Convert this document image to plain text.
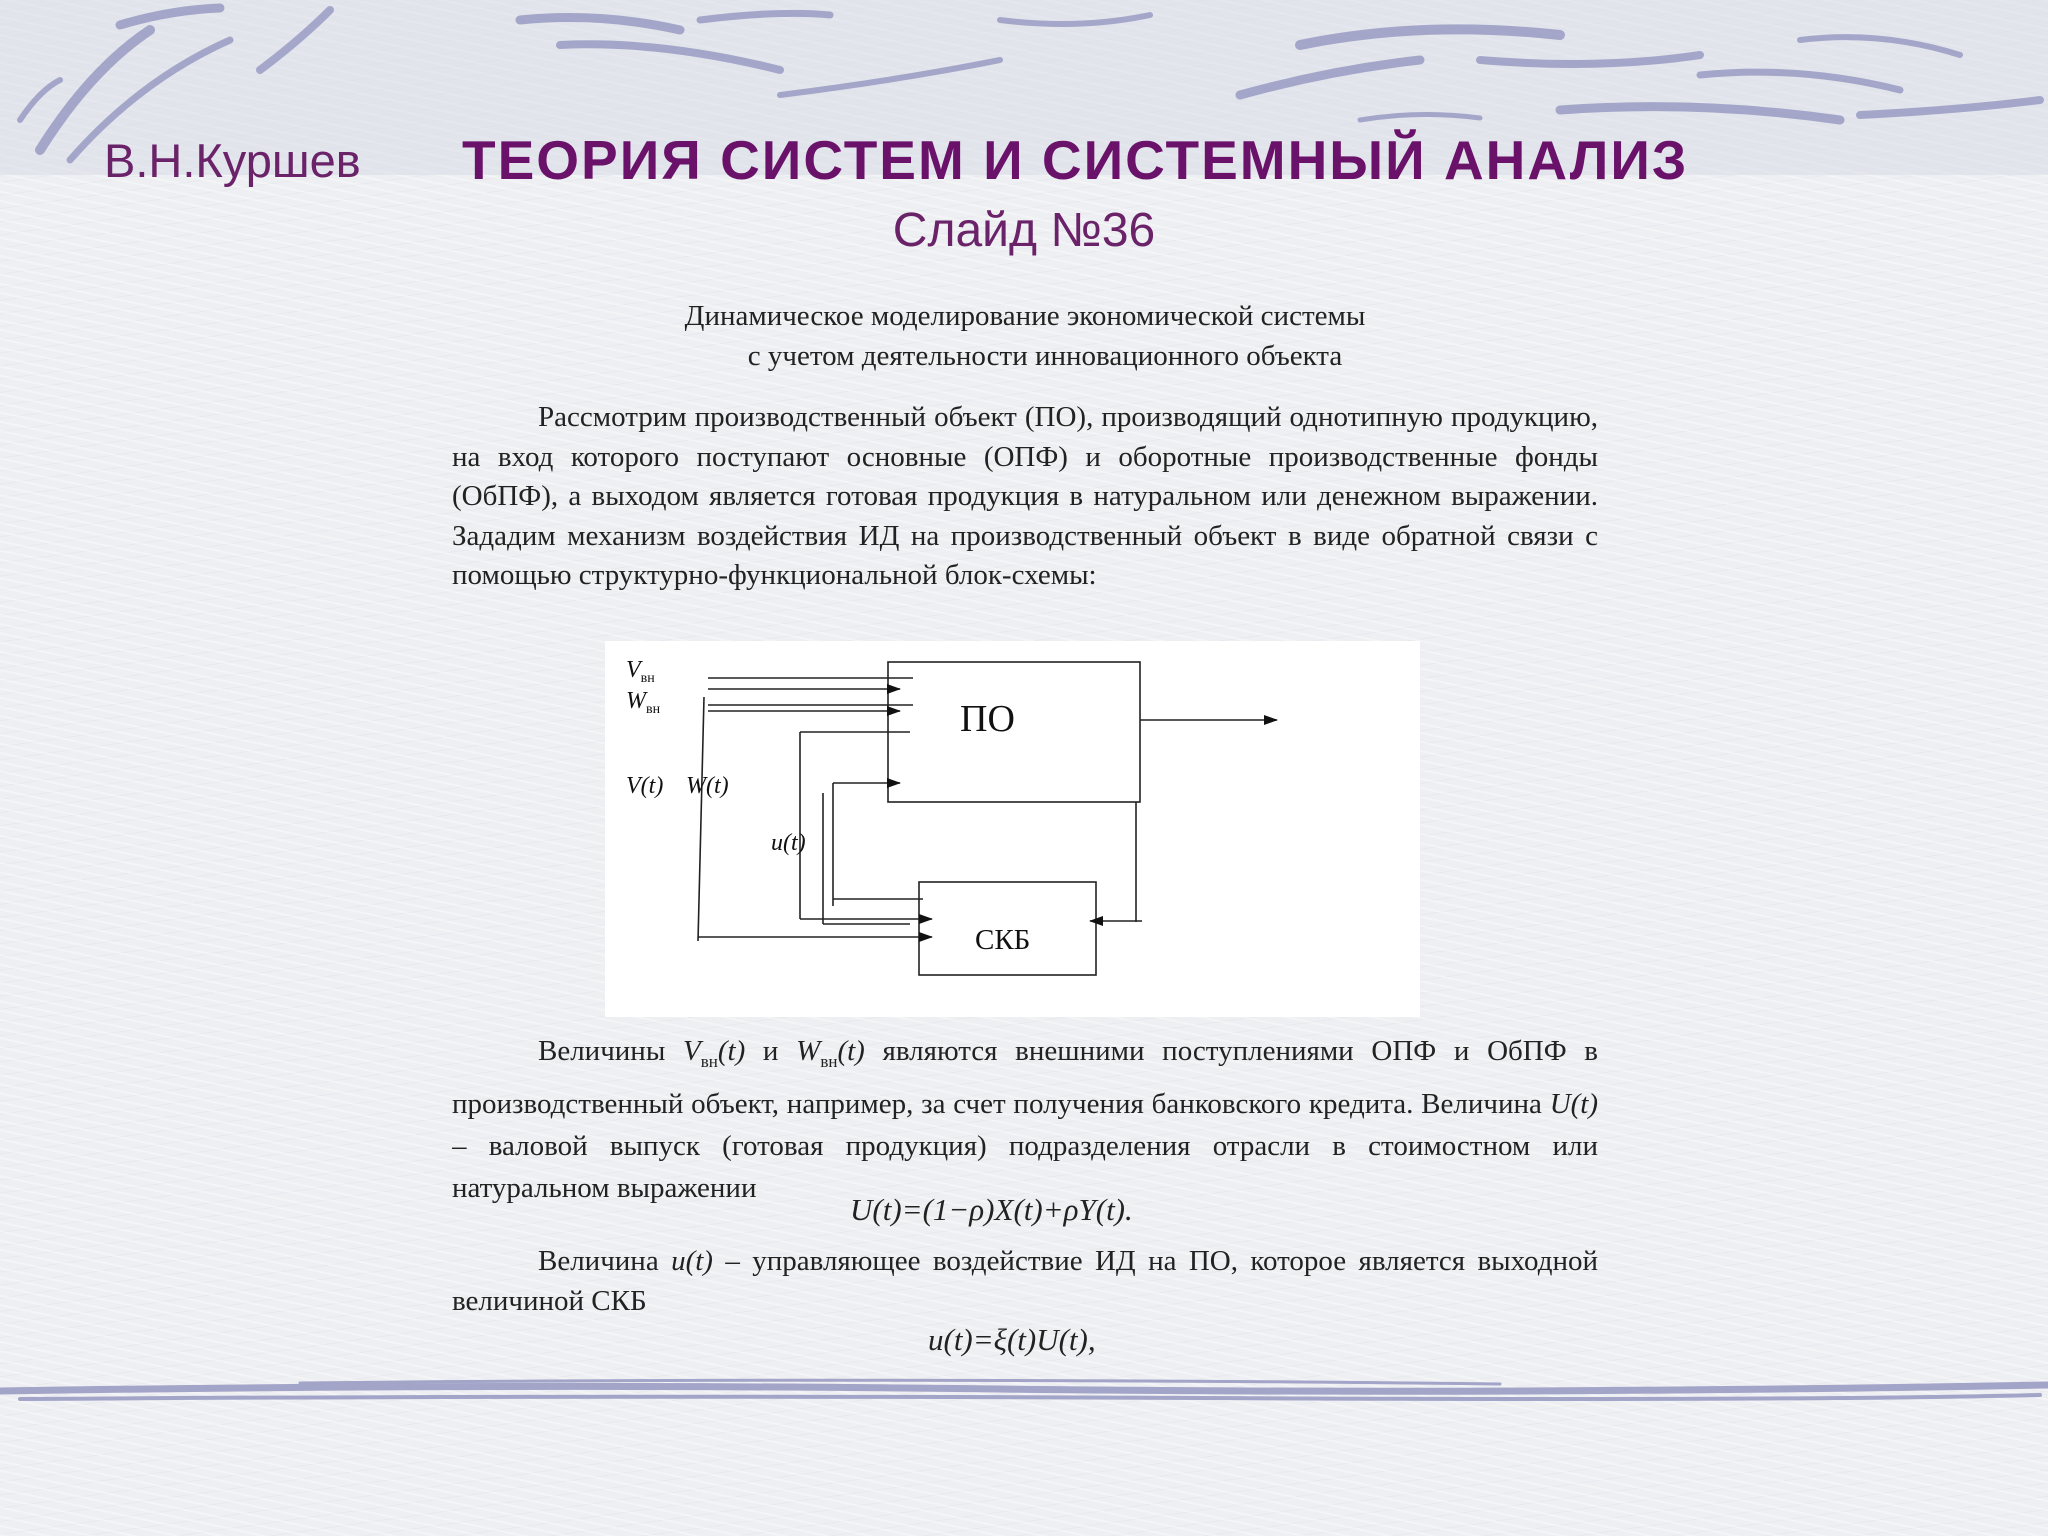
В.Н.Куршев ТЕОРИЯ СИСТЕМ И СИСТЕМНЫЙ АНАЛИЗ
Слайд №36
Динамическое моделирование экономической системы
с учетом деятельности инновационного объекта
Рассмотрим производственный объект (ПО), производящий однотипную продукцию, на вход которого поступают основные (ОПФ) и оборотные производственные фонды (ОбПФ), а выходом является готовая продукция в натуральном или денежном выражении. Зададим механизм воздействия ИД на производственный объект в виде обратной связи с помощью структурно-функциональной блок-схемы:
ПО
СКБ
$V_{вн}$
$W_{вн}$
V(t) W(t)
u(t)
Величины $V_{вн}(t)$ и $W_{вн}(t)$ являются внешними поступлениями ОПФ и ОбПФ в производственный объект, например, за счет получения банковского кредита. Величина U(t) – валовой выпуск (готовая продукция) подразделения отрасли в стоимостном или натуральном выражении
U(t)=(1−ρ)X(t)+ρY(t).
Величина u(t) – управляющее воздействие ИД на ПО, которое является выходной величиной СКБ
u(t)=ξ(t)U(t),
